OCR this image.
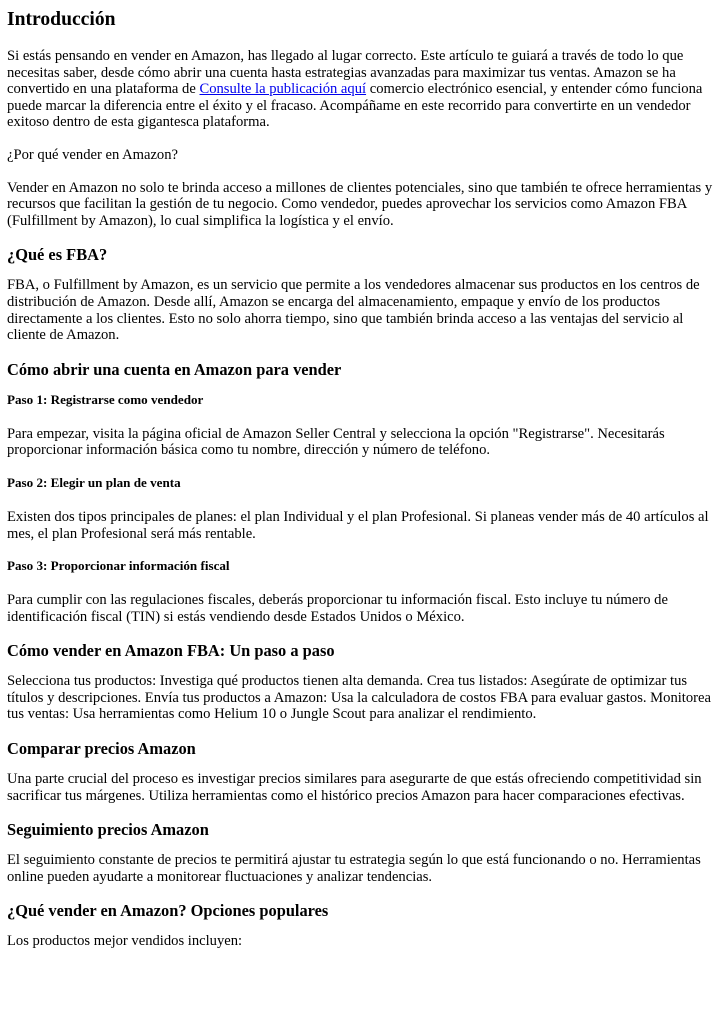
Introducción

Si estás pensando en vender en Amazon, has llegado al lugar correcto. Este artículo te guiará a través de todo lo que necesitas saber, desde cómo abrir una cuenta hasta estrategias avanzadas para maximizar tus ventas. Amazon se ha convertido en una plataforma de Consulte la publicación aquí comercio electrónico esencial, y entender cómo funciona puede marcar la diferencia entre el éxito y el fracaso. Acompáñame en este recorrido para convertirte en un vendedor exitoso dentro de esta gigantesca plataforma.

¿Por qué vender en Amazon?

Vender en Amazon no solo te brinda acceso a millones de clientes potenciales, sino que también te ofrece herramientas y recursos que facilitan la gestión de tu negocio. Como vendedor, puedes aprovechar los servicios como Amazon FBA (Fulfillment by Amazon), lo cual simplifica la logística y el envío.

¿Qué es FBA?

FBA, o Fulfillment by Amazon, es un servicio que permite a los vendedores almacenar sus productos en los centros de distribución de Amazon. Desde allí, Amazon se encarga del almacenamiento, empaque y envío de los productos directamente a los clientes. Esto no solo ahorra tiempo, sino que también brinda acceso a las ventajas del servicio al cliente de Amazon.

Cómo abrir una cuenta en Amazon para vender
Paso 1: Registrarse como vendedor

Para empezar, visita la página oficial de Amazon Seller Central y selecciona la opción "Registrarse". Necesitarás proporcionar información básica como tu nombre, dirección y número de teléfono.

Paso 2: Elegir un plan de venta

Existen dos tipos principales de planes: el plan Individual y el plan Profesional. Si planeas vender más de 40 artículos al mes, el plan Profesional será más rentable.

Paso 3: Proporcionar información fiscal

Para cumplir con las regulaciones fiscales, deberás proporcionar tu información fiscal. Esto incluye tu número de identificación fiscal (TIN) si estás vendiendo desde Estados Unidos o México.

Cómo vender en Amazon FBA: Un paso a paso

Selecciona tus productos: Investiga qué productos tienen alta demanda. Crea tus listados: Asegúrate de optimizar tus títulos y descripciones. Envía tus productos a Amazon: Usa la calculadora de costos FBA para evaluar gastos. Monitorea tus ventas: Usa herramientas como Helium 10 o Jungle Scout para analizar el rendimiento.

Comparar precios Amazon

Una parte crucial del proceso es investigar precios similares para asegurarte de que estás ofreciendo competitividad sin sacrificar tus márgenes. Utiliza herramientas como el histórico precios Amazon para hacer comparaciones efectivas.

Seguimiento precios Amazon

El seguimiento constante de precios te permitirá ajustar tu estrategia según lo que está funcionando o no. Herramientas online pueden ayudarte a monitorear fluctuaciones y analizar tendencias.

¿Qué vender en Amazon? Opciones populares

Los productos mejor vendidos incluyen:
